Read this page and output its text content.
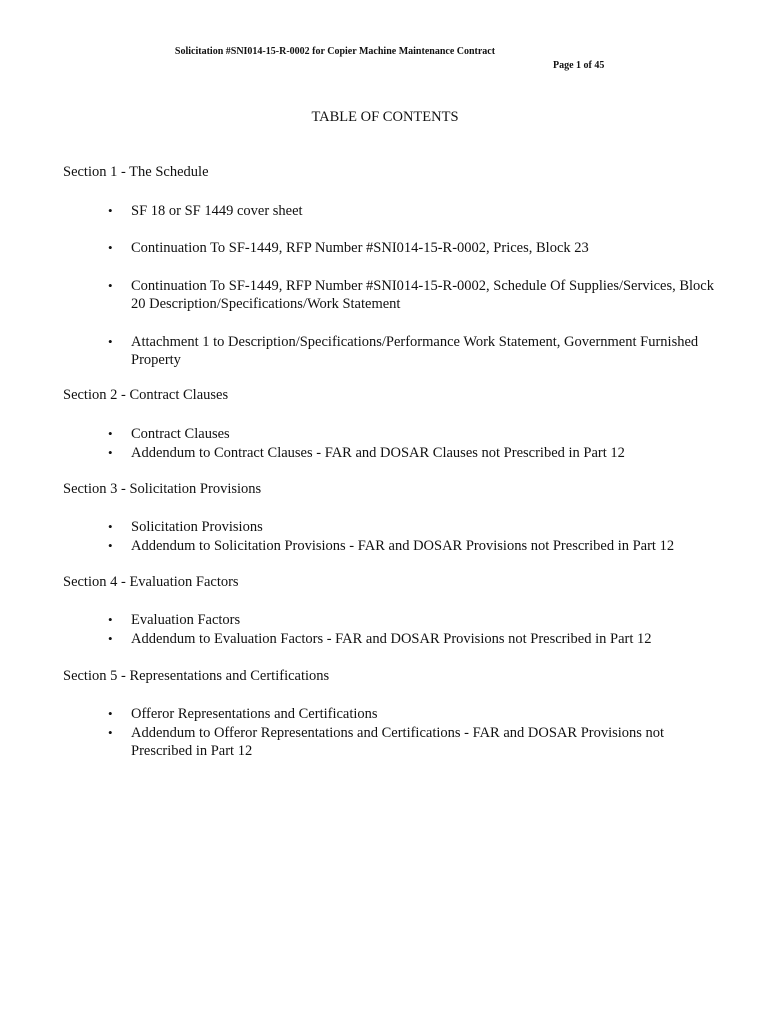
Solicitation #SNI014-15-R-0002 for Copier Machine Maintenance Contract
Page 1 of 45
TABLE OF CONTENTS
Section 1 - The Schedule
• SF 18 or SF 1449 cover sheet
• Continuation To SF-1449, RFP Number #SNI014-15-R-0002, Prices, Block 23
• Continuation To SF-1449, RFP Number #SNI014-15-R-0002, Schedule Of Supplies/Services, Block 20 Description/Specifications/Work Statement
• Attachment 1 to Description/Specifications/Performance Work Statement, Government Furnished Property
Section 2 - Contract Clauses
• Contract Clauses
• Addendum to Contract Clauses - FAR and DOSAR Clauses not Prescribed in Part 12
Section 3 - Solicitation Provisions
• Solicitation Provisions
• Addendum to Solicitation Provisions - FAR and DOSAR Provisions not Prescribed in Part 12
Section 4 - Evaluation Factors
• Evaluation Factors
• Addendum to Evaluation Factors - FAR and DOSAR Provisions not Prescribed in Part 12
Section 5 - Representations and Certifications
• Offeror Representations and Certifications
• Addendum to Offeror Representations and Certifications - FAR and DOSAR Provisions not Prescribed in Part 12
